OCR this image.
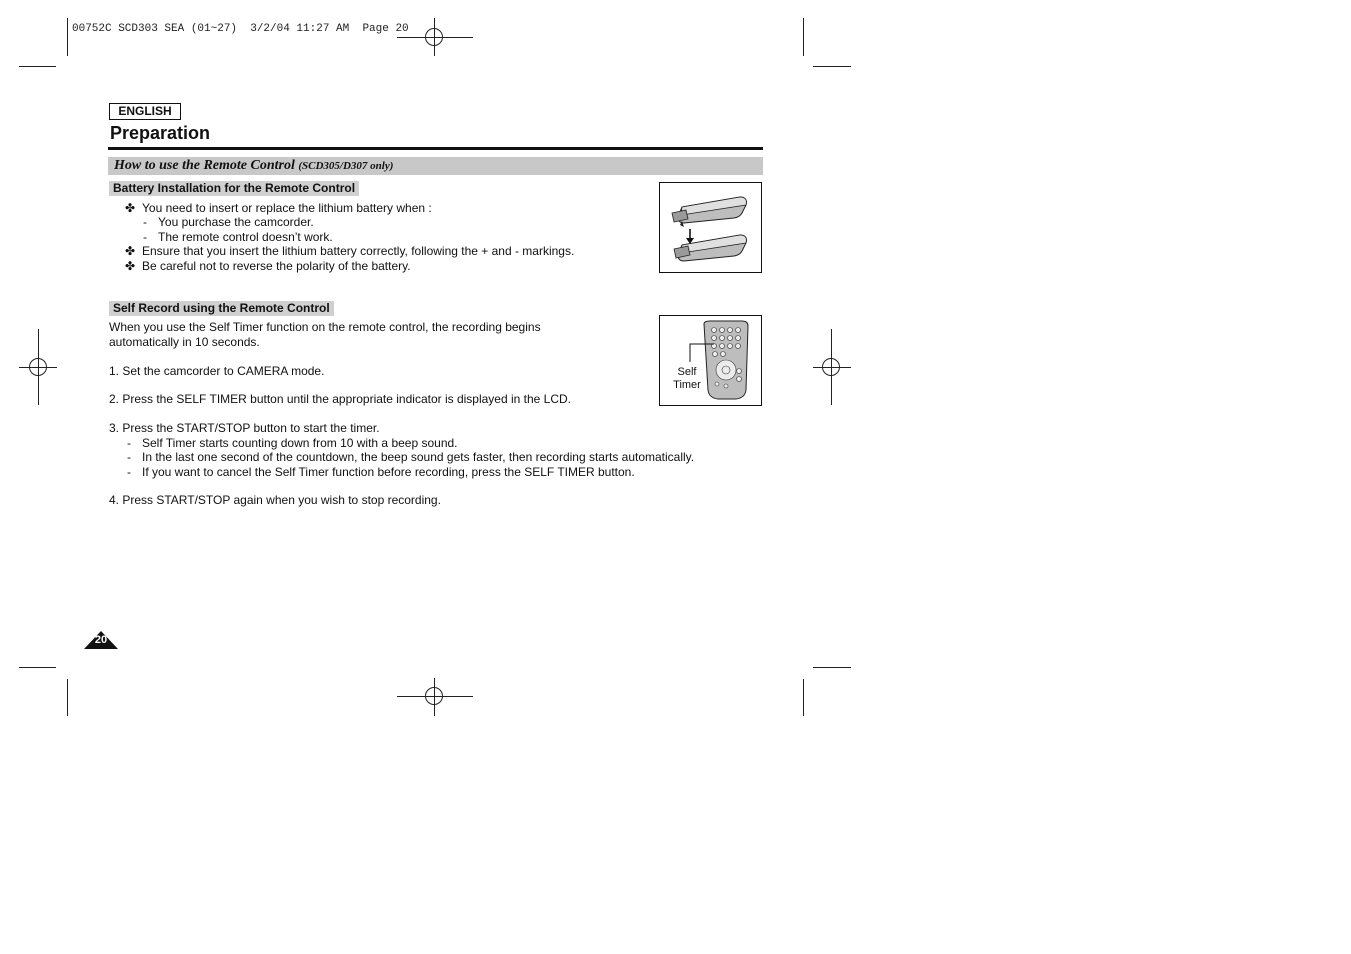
00752C SCD303 SEA (01~27)  3/2/04 11:27 AM  Page 20
ENGLISH
Preparation
How to use the Remote Control (SCD305/D307 only)
Battery Installation for the Remote Control
✤ You need to insert or replace the lithium battery when :
- You purchase the camcorder.
- The remote control doesn’t work.
✤ Ensure that you insert the lithium battery correctly, following the + and - markings.
✤ Be careful not to reverse the polarity of the battery.
Self Record using the Remote Control
When you use the Self Timer function on the remote control, the recording begins
automatically in 10 seconds.
1. Set the camcorder to CAMERA mode.
2. Press the SELF TIMER button until the appropriate indicator is displayed in the LCD.
3. Press the START/STOP button to start the timer.
- Self Timer starts counting down from 10 with a beep sound.
- In the last one second of the countdown, the beep sound gets faster, then recording starts automatically.
- If you want to cancel the Self Timer function before recording, press the SELF TIMER button.
4. Press START/STOP again when you wish to stop recording.
Self
Timer
20
